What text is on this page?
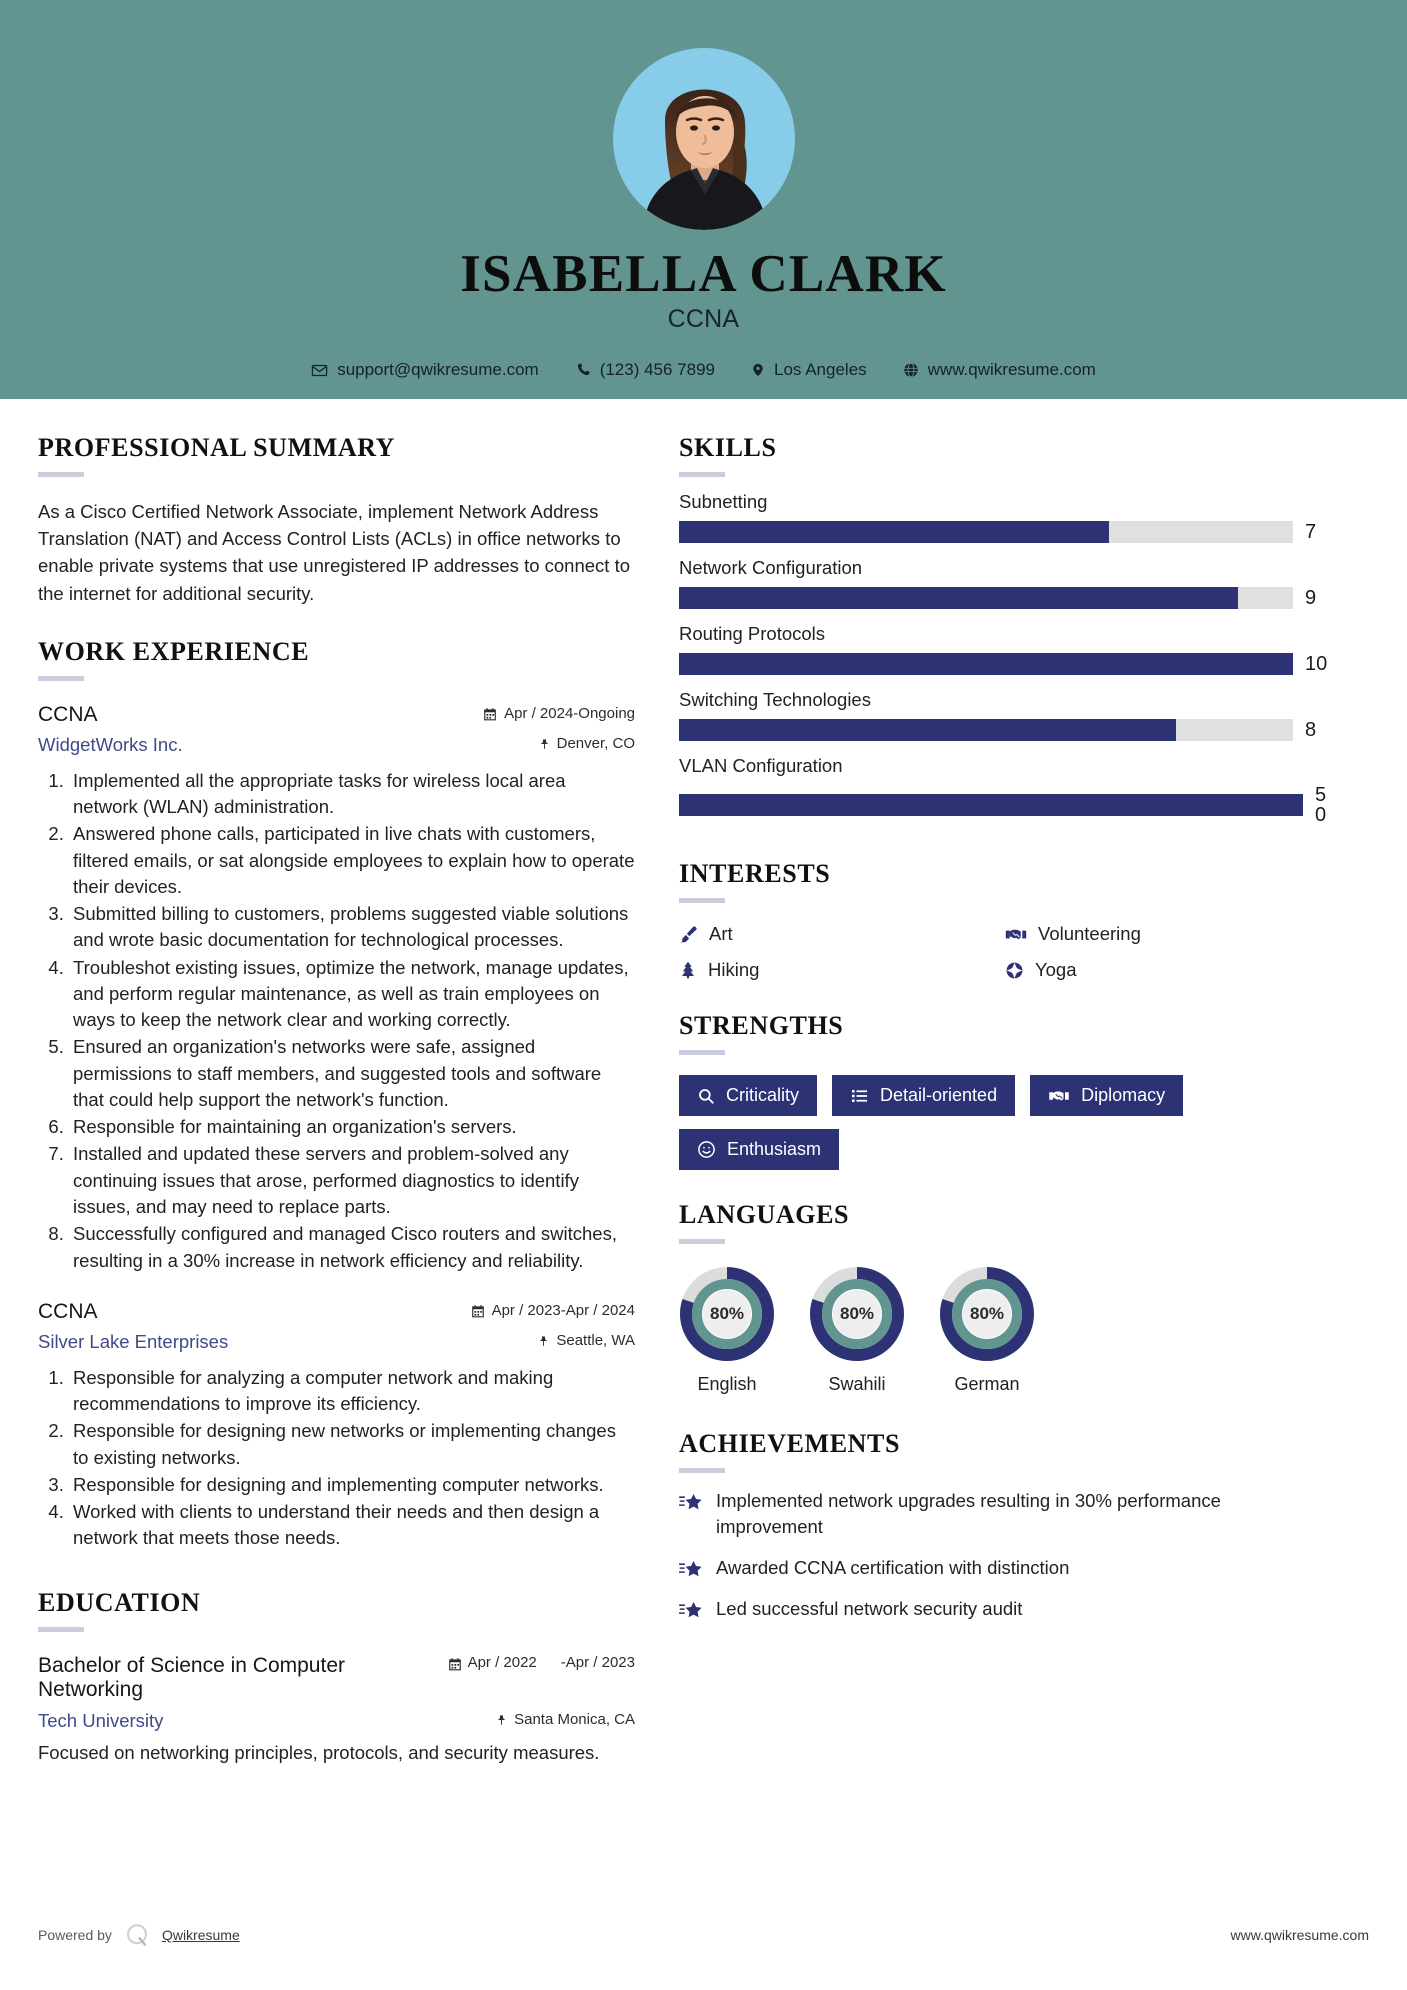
ISABELLA CLARK
CCNA
support@qwikresume.com	(123) 456 7899	Los Angeles	www.qwikresume.com
PROFESSIONAL SUMMARY
As a Cisco Certified Network Associate, implement Network Address Translation (NAT) and Access Control Lists (ACLs) in office networks to enable private systems that use unregistered IP addresses to connect to the internet for additional security.
WORK EXPERIENCE
CCNA	Apr / 2024-Ongoing
WidgetWorks Inc.	Denver, CO
1. Implemented all the appropriate tasks for wireless local area network (WLAN) administration.
2. Answered phone calls, participated in live chats with customers, filtered emails, or sat alongside employees to explain how to operate their devices.
3. Submitted billing to customers, problems suggested viable solutions and wrote basic documentation for technological processes.
4. Troubleshot existing issues, optimize the network, manage updates, and perform regular maintenance, as well as train employees on ways to keep the network clear and working correctly.
5. Ensured an organization's networks were safe, assigned permissions to staff members, and suggested tools and software that could help support the network's function.
6. Responsible for maintaining an organization's servers.
7. Installed and updated these servers and problem-solved any continuing issues that arose, performed diagnostics to identify issues, and may need to replace parts.
8. Successfully configured and managed Cisco routers and switches, resulting in a 30% increase in network efficiency and reliability.
CCNA	Apr / 2023-Apr / 2024
Silver Lake Enterprises	Seattle, WA
1. Responsible for analyzing a computer network and making recommendations to improve its efficiency.
2. Responsible for designing new networks or implementing changes to existing networks.
3. Responsible for designing and implementing computer networks.
4. Worked with clients to understand their needs and then design a network that meets those needs.
EDUCATION
Bachelor of Science in Computer Networking
Apr / 2022 -Apr / 2023
Tech University	Santa Monica, CA
Focused on networking principles, protocols, and security measures.
SKILLS
Subnetting
7
Network Configuration
9
Routing Protocols
10
Switching Technologies
8
VLAN Configuration
50
INTERESTS
Art	Volunteering
Hiking	Yoga
STRENGTHS
Criticality	Detail-oriented	Diplomacy
Enthusiasm
LANGUAGES
80%
English
80%
Swahili
80%
German
ACHIEVEMENTS
Implemented network upgrades resulting in 30% performance improvement
Awarded CCNA certification with distinction
Led successful network security audit
Powered by	Qwikresume	www.qwikresume.com
